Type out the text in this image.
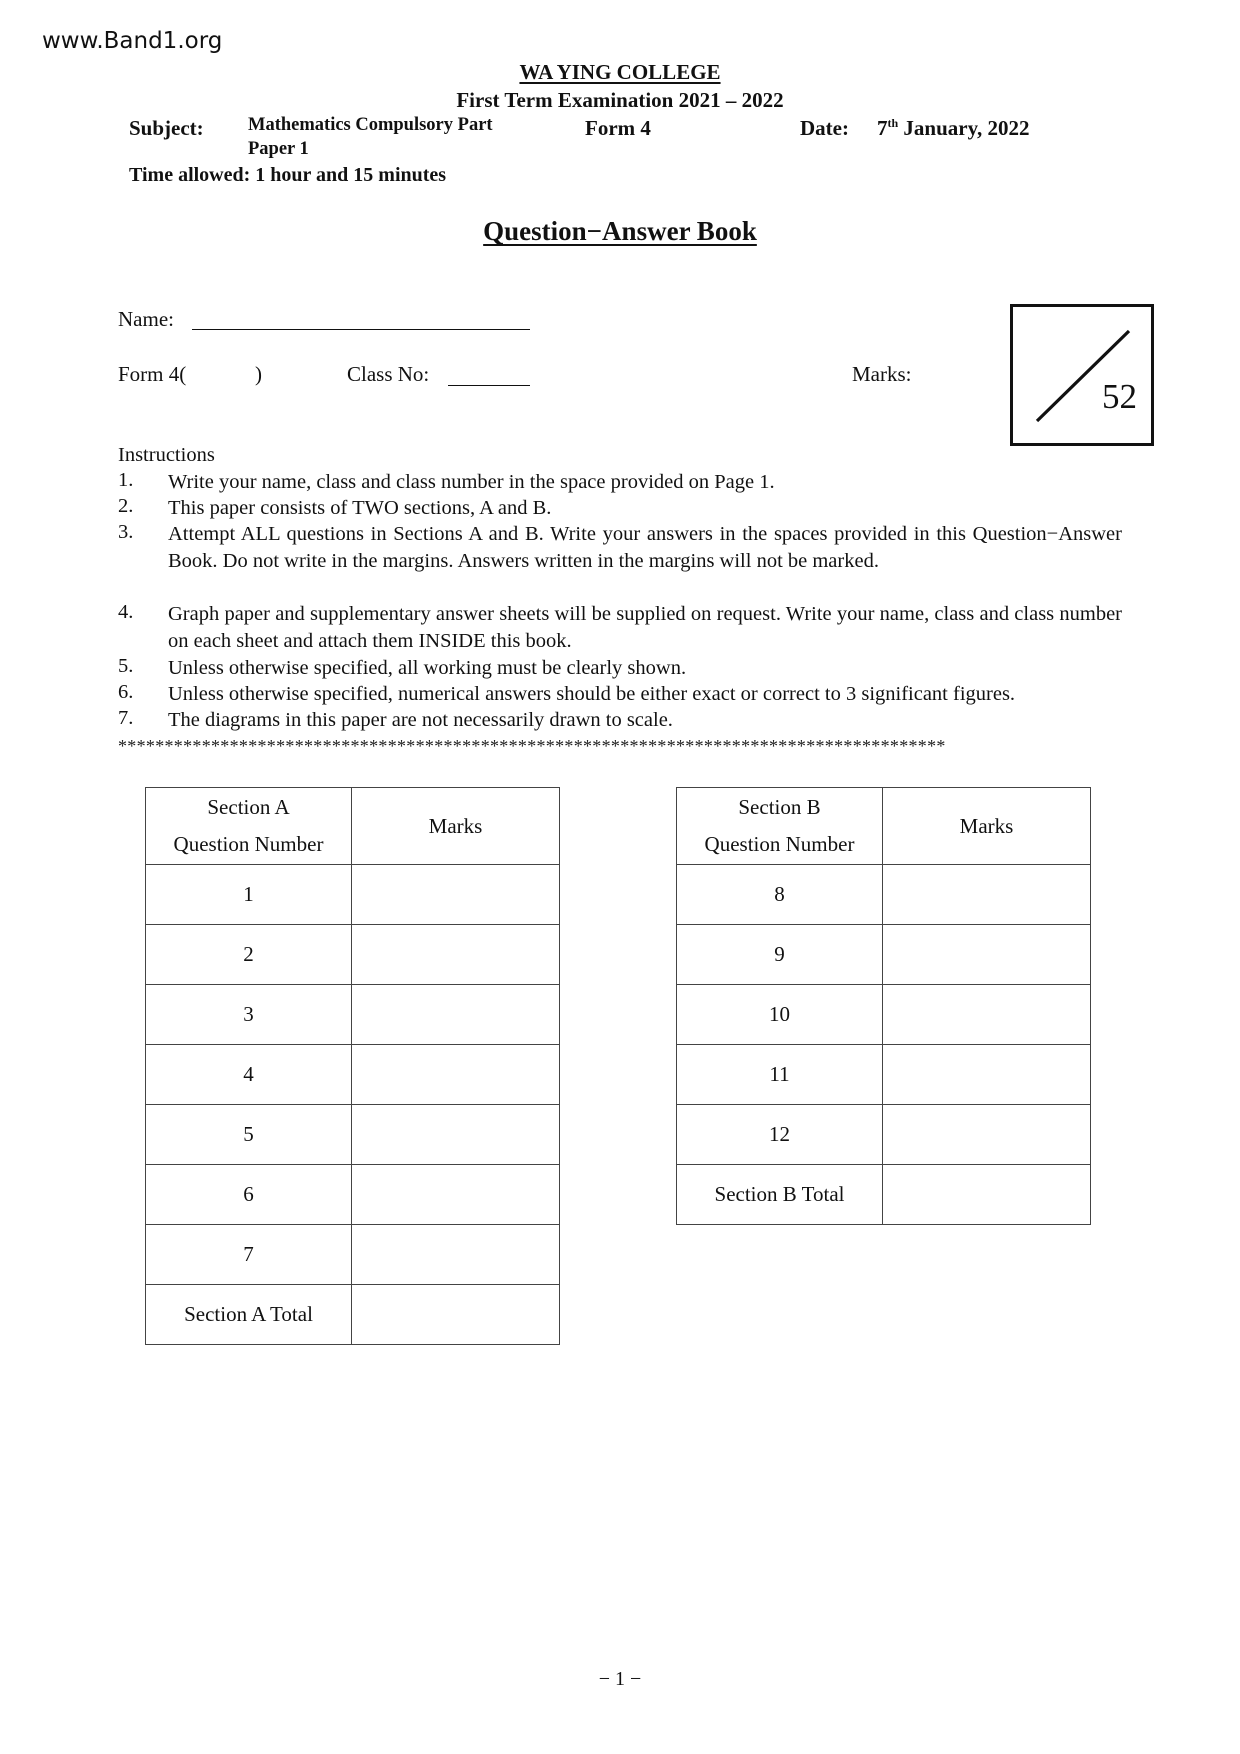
www.Band1.org
WA YING COLLEGE
First Term Examination 2021 – 2022
Subject: Mathematics Compulsory Part
Paper 1
Form 4	Date: 7th January, 2022
Time allowed: 1 hour and 15 minutes
Question−Answer Book
Name:
Form 4(	)	Class No:	Marks:
52
Instructions
1. Write your name, class and class number in the space provided on Page 1.
2. This paper consists of TWO sections, A and B.
3. Attempt ALL questions in Sections A and B. Write your answers in the spaces provided in this Question−Answer Book. Do not write in the margins. Answers written in the margins will not be marked.
4. Graph paper and supplementary answer sheets will be supplied on request. Write your name, class and class number on each sheet and attach them INSIDE this book.
5. Unless otherwise specified, all working must be clearly shown.
6. Unless otherwise specified, numerical answers should be either exact or correct to 3 significant figures.
7. The diagrams in this paper are not necessarily drawn to scale.
*****************************************************************************************
Section A
Question Number	Marks
1	
2	
3	
4	
5	
6	
7	
Section A Total	
Section B
Question Number	Marks
8	
9	
10	
11	
12	
Section B Total	
− 1 −
